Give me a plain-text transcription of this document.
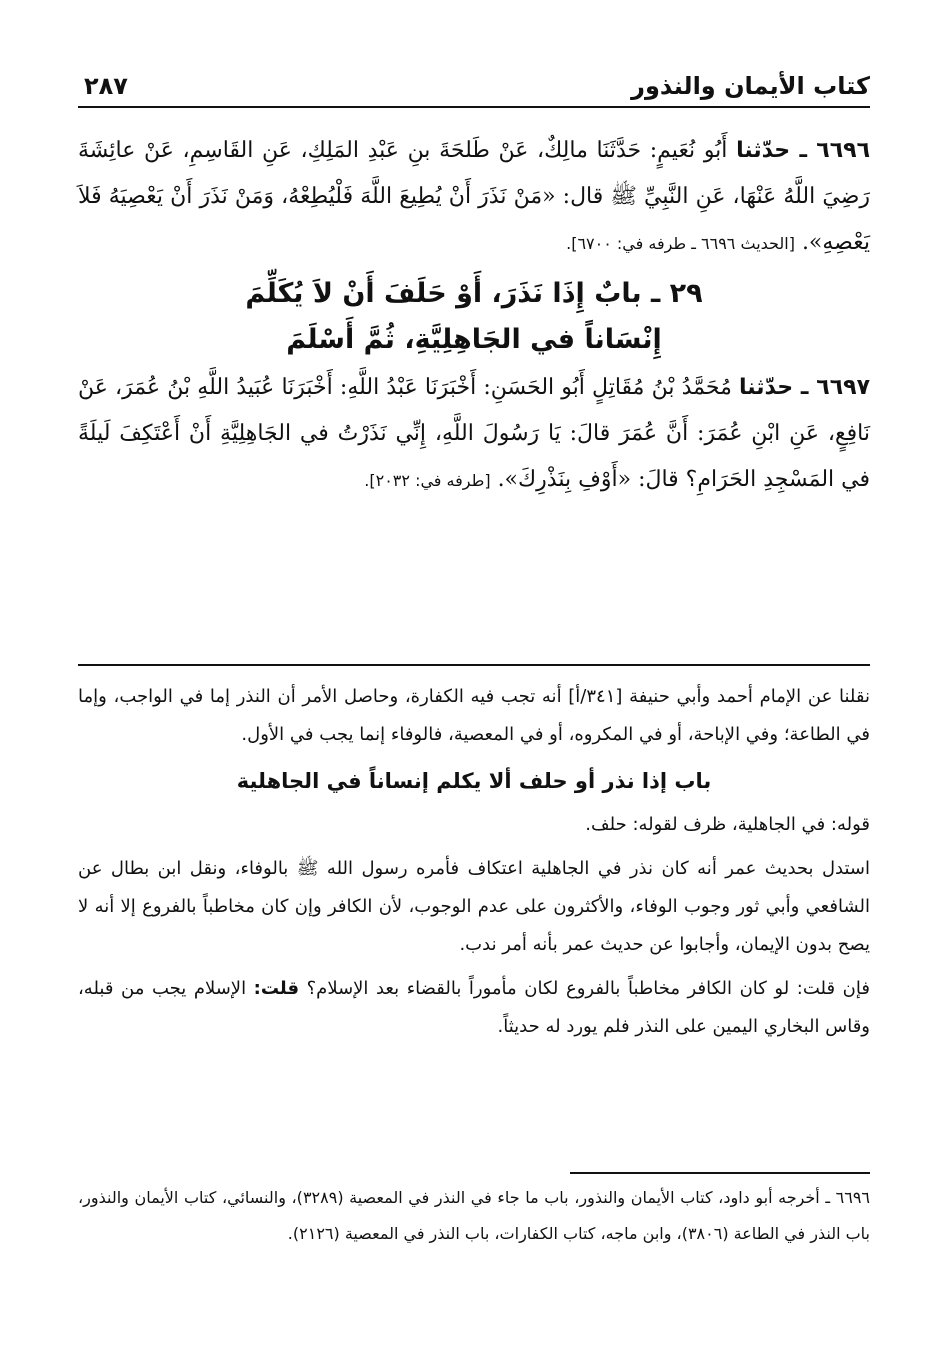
كتاب الأيمان والنذور
٢٨٧

٦٦٩٦ ـ حدّثنا أَبُو نُعَيمٍ: حَدَّثَنَا مالِكٌ، عَنْ طَلحَةَ بنِ عَبْدِ المَلِكِ، عَنِ القَاسِمِ، عَنْ عائِشَةَ رَضِيَ اللَّهُ عَنْهَا، عَنِ النَّبِيِّ ﷺ قال: «مَنْ نَذَرَ أَنْ يُطِيعَ اللَّهَ فَلْيُطِعْهُ، وَمَنْ نَذَرَ أَنْ يَعْصِيَهُ فَلاَ يَعْصِهِ». [الحديث ٦٦٩٦ ـ طرفه في: ٦٧٠٠].

٢٩ ـ بابٌ إِذَا نَذَرَ، أَوْ حَلَفَ أَنْ لاَ يُكَلِّمَ
إِنْسَاناً في الجَاهِلِيَّةِ، ثُمَّ أَسْلَمَ

٦٦٩٧ ـ حدّثنا مُحَمَّدُ بْنُ مُقَاتِلٍ أَبُو الحَسَنِ: أَخْبَرَنَا عَبْدُ اللَّهِ: أَخْبَرَنَا عُبَيدُ اللَّهِ بْنُ عُمَرَ، عَنْ نَافِعٍ، عَنِ ابْنِ عُمَرَ: أَنَّ عُمَرَ قالَ: يَا رَسُولَ اللَّهِ، إِنِّي نَذَرْتُ في الجَاهِلِيَّةِ أَنْ أَعْتَكِفَ لَيلَةً في المَسْجِدِ الحَرَامِ؟ قالَ: «أَوْفِ بِنَذْرِكَ». [طرفه في: ٢٠٣٢].

نقلنا عن الإمام أحمد وأبي حنيفة [٣٤١/أ] أنه تجب فيه الكفارة، وحاصل الأمر أن النذر إما في الواجب، وإما في الطاعة؛ وفي الإباحة، أو في المكروه، أو في المعصية، فالوفاء إنما يجب في الأول.

باب إذا نذر أو حلف ألا يكلم إنساناً في الجاهلية

قوله: في الجاهلية، ظرف لقوله: حلف.

استدل بحديث عمر أنه كان نذر في الجاهلية اعتكاف فأمره رسول الله ﷺ بالوفاء، ونقل ابن بطال عن الشافعي وأبي ثور وجوب الوفاء، والأكثرون على عدم الوجوب، لأن الكافر وإن كان مخاطباً بالفروع إلا أنه لا يصح بدون الإيمان، وأجابوا عن حديث عمر بأنه أمر ندب.

فإن قلت: لو كان الكافر مخاطباً بالفروع لكان مأموراً بالقضاء بعد الإسلام؟ قلت: الإسلام يجب من قبله، وقاس البخاري اليمين على النذر فلم يورد له حديثاً.

٦٦٩٦ ـ أخرجه أبو داود، كتاب الأيمان والنذور، باب ما جاء في النذر في المعصية (٣٢٨٩)، والنسائي، كتاب الأيمان والنذور، باب النذر في الطاعة (٣٨٠٦)، وابن ماجه، كتاب الكفارات، باب النذر في المعصية (٢١٢٦).
